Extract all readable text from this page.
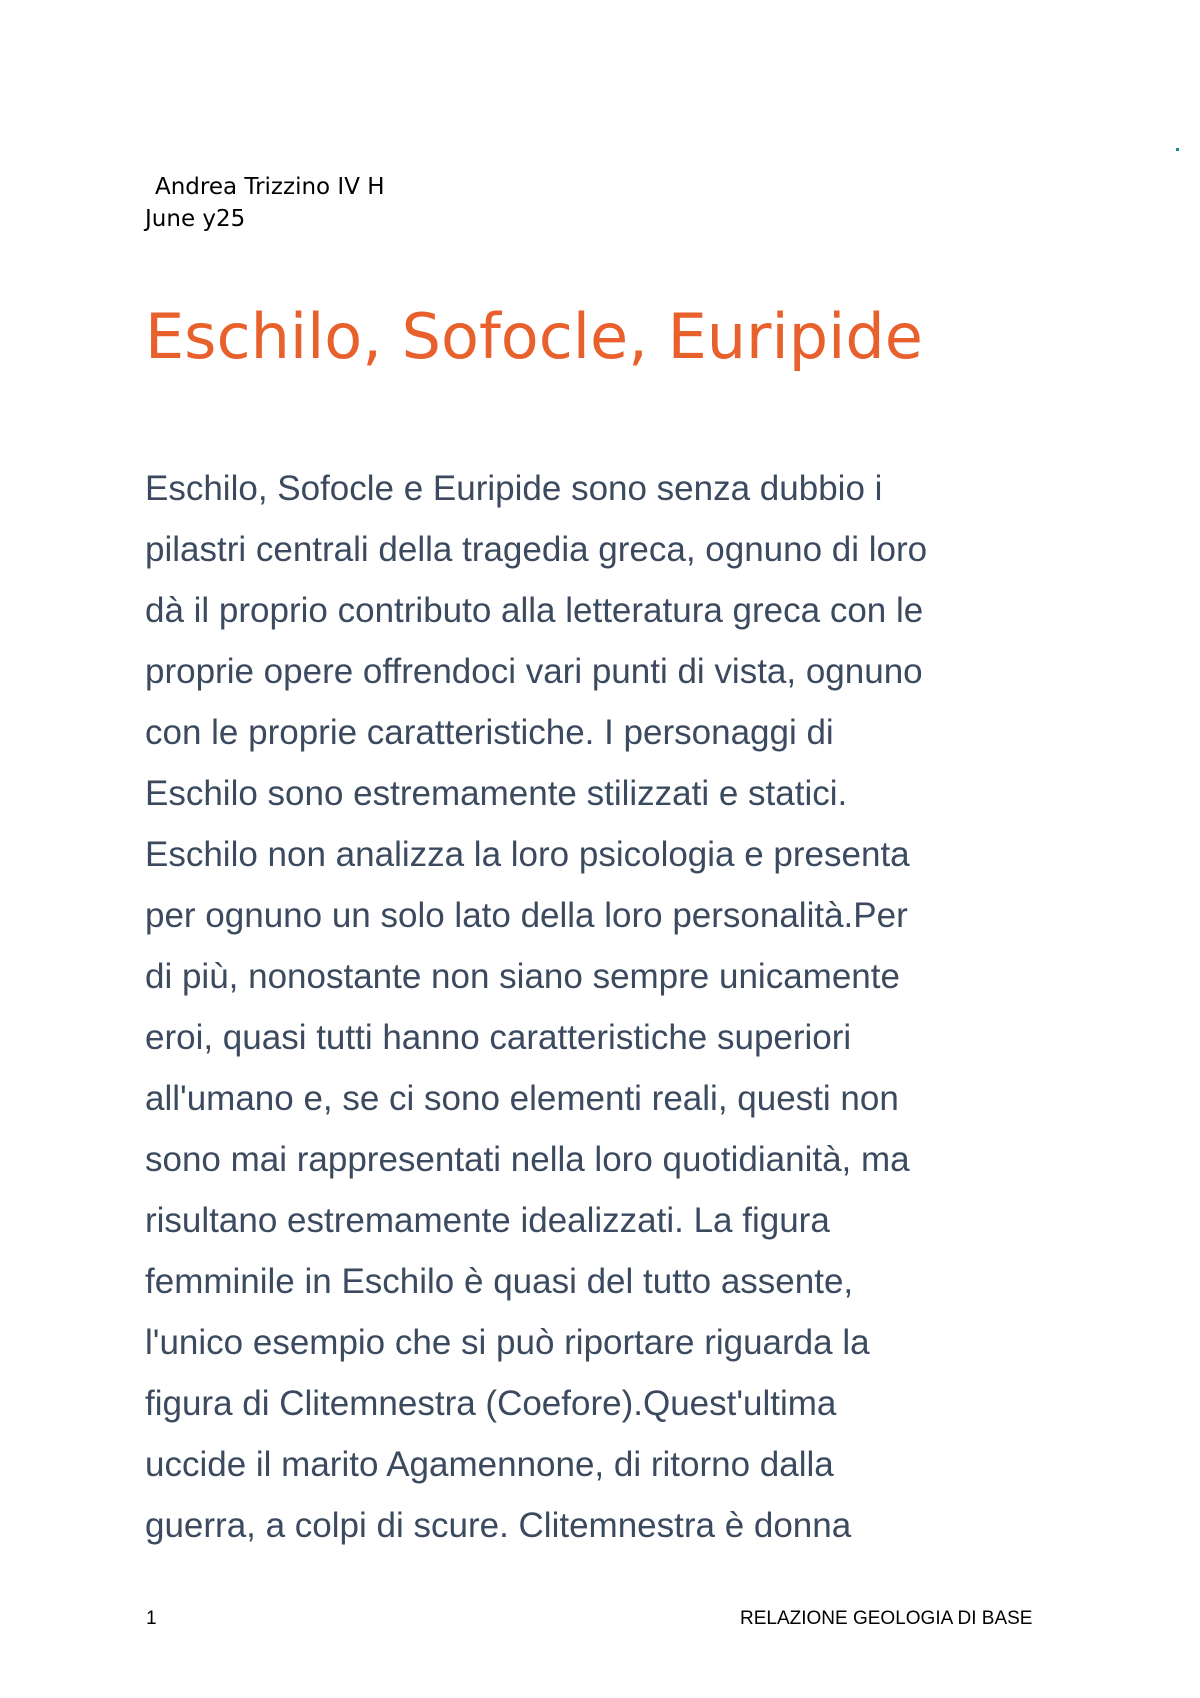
Andrea Trizzino IV H
June y25
Eschilo, Sofocle, Euripide
Eschilo, Sofocle e Euripide sono senza dubbio i
pilastri centrali della tragedia greca, ognuno di loro
dà il proprio contributo alla letteratura greca con le
proprie opere offrendoci vari punti di vista, ognuno
con le proprie caratteristiche. I personaggi di
Eschilo sono estremamente stilizzati e statici.
Eschilo non analizza la loro psicologia e presenta
per ognuno un solo lato della loro personalità.Per
di più, nonostante non siano sempre unicamente
eroi, quasi tutti hanno caratteristiche superiori
all'umano e, se ci sono elementi reali, questi non
sono mai rappresentati nella loro quotidianità, ma
risultano estremamente idealizzati. La figura
femminile in Eschilo è quasi del tutto assente,
l'unico esempio che si può riportare riguarda la
figura di Clitemnestra (Coefore).Quest'ultima
uccide il marito Agamennone, di ritorno dalla
guerra, a colpi di scure. Clitemnestra è donna
1	RELAZIONE GEOLOGIA DI BASE
